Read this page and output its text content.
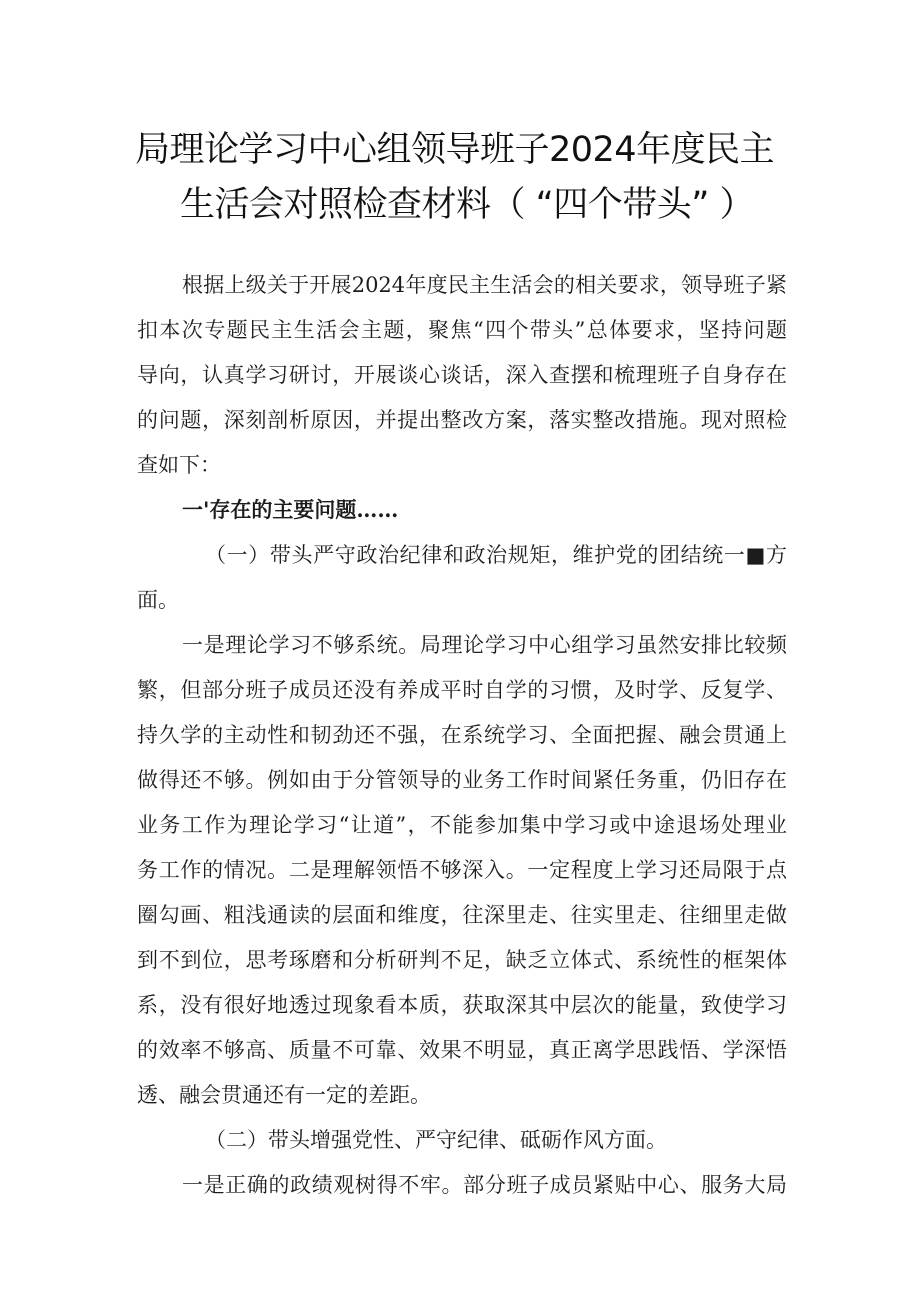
局理论学习中心组领导班子2024年度民主
生活会对照检查材料（ “四个带头” ）
根据上级关于开展2024年度民主生活会的相关要求，领导班子紧
扣本次专题民主生活会主题，聚焦“四个带头”总体要求，坚持问题
导向，认真学习研讨，开展谈心谈话，深入查摆和梳理班子自身存在
的问题，深刻剖析原因，并提出整改方案，落实整改措施。现对照检
查如下：
一'存在的主要问题……
（一）带头严守政治纪律和政治规矩，维护党的团结统一■方
面。
一是理论学习不够系统。局理论学习中心组学习虽然安排比较频
繁，但部分班子成员还没有养成平时自学的习惯，及时学、反复学、
持久学的主动性和韧劲还不强，在系统学习、全面把握、融会贯通上
做得还不够。例如由于分管领导的业务工作时间紧任务重，仍旧存在
业务工作为理论学习“让道”，不能参加集中学习或中途退场处理业
务工作的情况。二是理解领悟不够深入。一定程度上学习还局限于点
圈勾画、粗浅通读的层面和维度，往深里走、往实里走、往细里走做
到不到位，思考琢磨和分析研判不足，缺乏立体式、系统性的框架体
系，没有很好地透过现象看本质，获取深其中层次的能量，致使学习
的效率不够高、质量不可靠、效果不明显，真正离学思践悟、学深悟
透、融会贯通还有一定的差距。
（二）带头增强党性、严守纪律、砥砺作风方面。
一是正确的政绩观树得不牢。部分班子成员紧贴中心、服务大局
